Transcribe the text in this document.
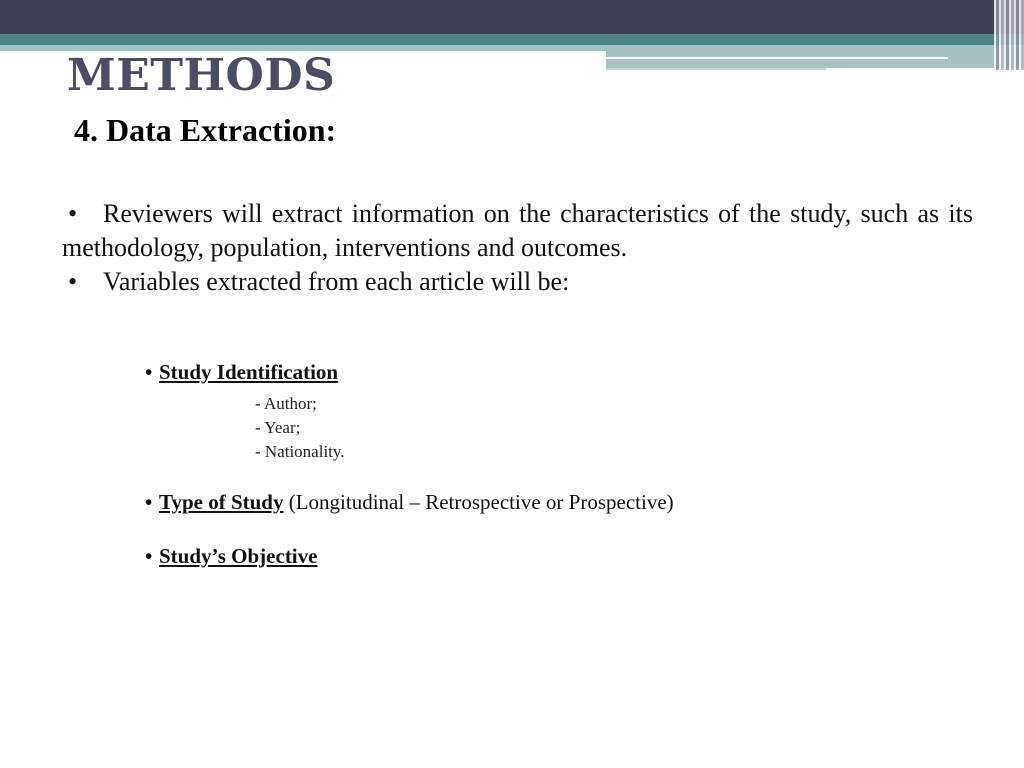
METHODS
4. Data Extraction:

• Reviewers will extract information on the characteristics of the study, such as its methodology, population, interventions and outcomes.

• Variables extracted from each article will be:

• Study Identification
- Author;
- Year;
- Nationality.
• Type of Study (Longitudinal – Retrospective or Prospective)
• Study’s Objective
